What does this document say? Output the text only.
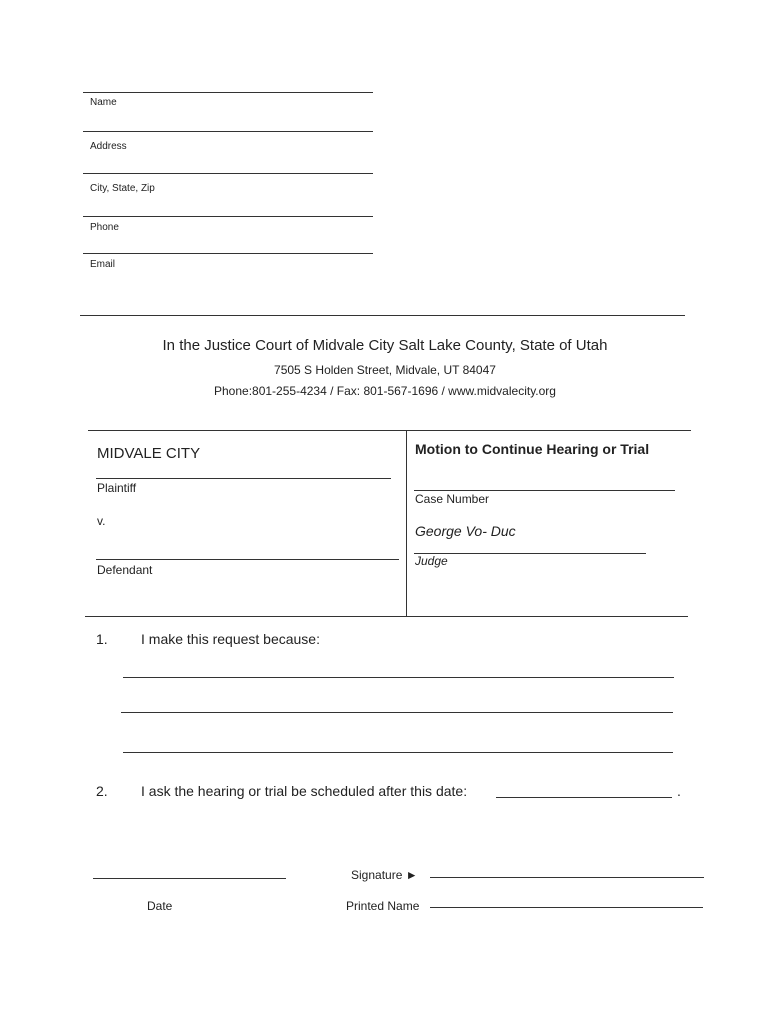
Name
Address
City, State, Zip
Phone
Email
In the Justice Court of Midvale City Salt Lake County, State of Utah
7505 S Holden Street, Midvale, UT 84047
Phone:801-255-4234 / Fax: 801-567-1696 / www.midvalecity.org
MIDVALE CITY
Plaintiff
v.
Defendant
Motion to Continue Hearing or Trial
Case Number
George Vo- Duc
Judge
1. I make this request because:
2. I ask the hearing or trial be scheduled after this date:	.
Date
Signature ►
Printed Name
